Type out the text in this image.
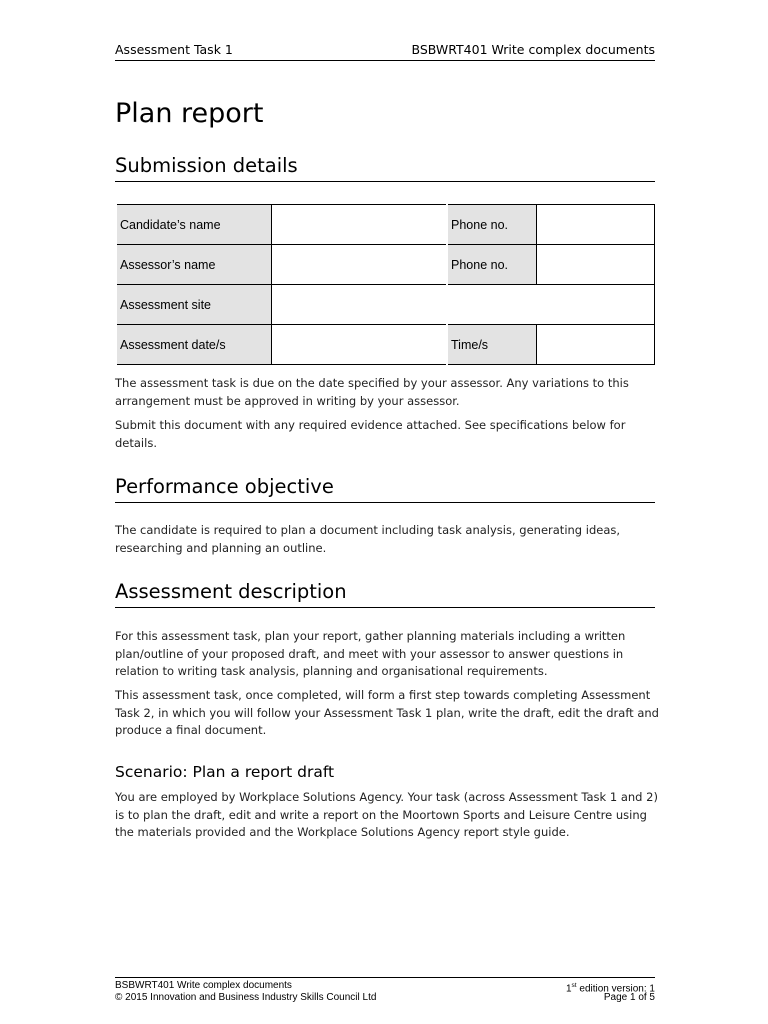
Assessment Task 1	BSBWRT401 Write complex documents
Plan report
Submission details
Candidate’s name		Phone no.	
Assessor’s name		Phone no.	
Assessment site			
Assessment date/s		Time/s	
The assessment task is due on the date specified by your assessor. Any variations to this arrangement must be approved in writing by your assessor.
Submit this document with any required evidence attached. See specifications below for details.
Performance objective
The candidate is required to plan a document including task analysis, generating ideas, researching and planning an outline.
Assessment description
For this assessment task, plan your report, gather planning materials including a written plan/outline of your proposed draft, and meet with your assessor to answer questions in relation to writing task analysis, planning and organisational requirements.
This assessment task, once completed, will form a first step towards completing Assessment Task 2, in which you will follow your Assessment Task 1 plan, write the draft, edit the draft and produce a final document.
Scenario: Plan a report draft
You are employed by Workplace Solutions Agency. Your task (across Assessment Task 1 and 2) is to plan the draft, edit and write a report on the Moortown Sports and Leisure Centre using the materials provided and the Workplace Solutions Agency report style guide.
BSBWRT401 Write complex documents	1st edition version: 1
© 2015 Innovation and Business Industry Skills Council Ltd	Page 1 of 5
